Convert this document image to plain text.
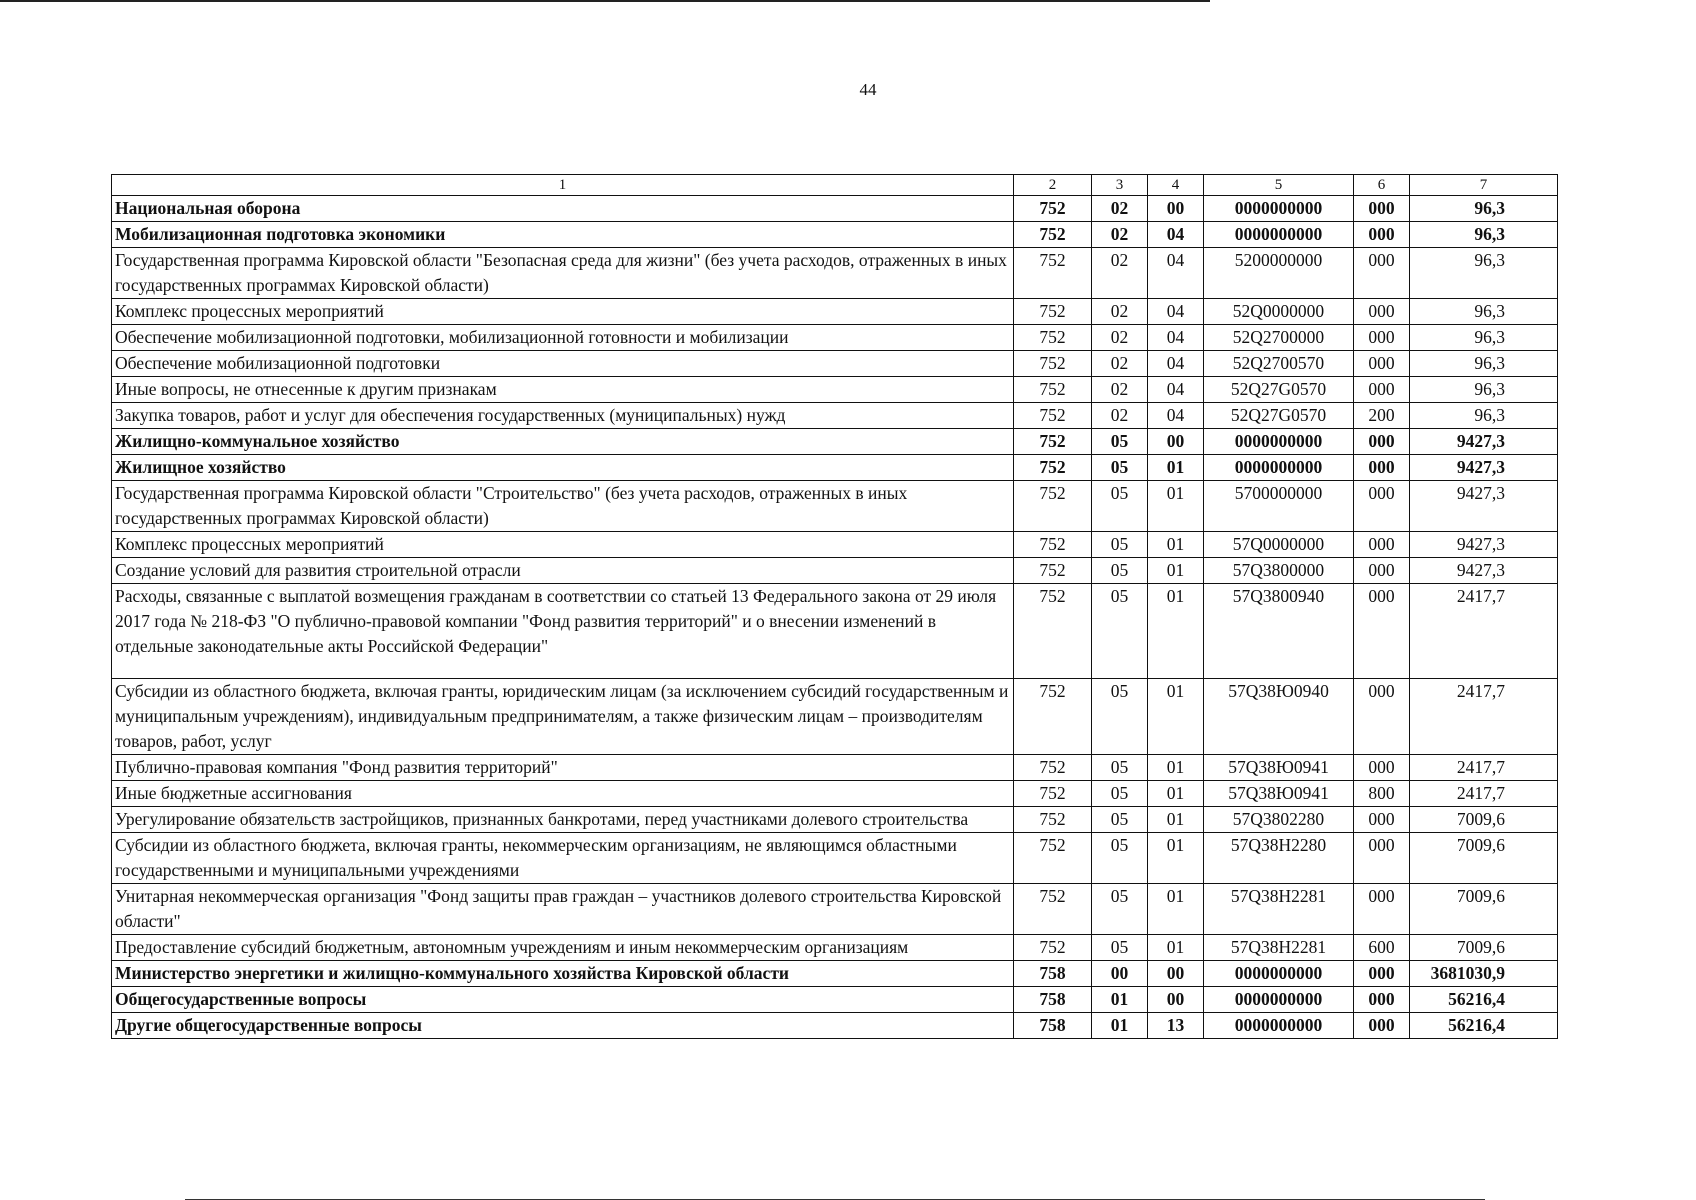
44
1	2	3	4	5	6	7
Национальная оборона	752	02	00	0000000000	000	96,3
Мобилизационная подготовка экономики	752	02	04	0000000000	000	96,3
Государственная программа Кировской области "Безопасная среда для жизни" (без учета расходов, отраженных в иных государственных программах Кировской области)	752	02	04	5200000000	000	96,3
Комплекс процессных мероприятий	752	02	04	52Q0000000	000	96,3
Обеспечение мобилизационной подготовки, мобилизационной готовности и мобилизации	752	02	04	52Q2700000	000	96,3
Обеспечение мобилизационной подготовки	752	02	04	52Q2700570	000	96,3
Иные вопросы, не отнесенные к другим признакам	752	02	04	52Q27G0570	000	96,3
Закупка товаров, работ и услуг для обеспечения государственных (муниципальных) нужд	752	02	04	52Q27G0570	200	96,3
Жилищно-коммунальное хозяйство	752	05	00	0000000000	000	9427,3
Жилищное хозяйство	752	05	01	0000000000	000	9427,3
Государственная программа Кировской области "Строительство" (без учета расходов, отраженных в иных государственных программах Кировской области)	752	05	01	5700000000	000	9427,3
Комплекс процессных мероприятий	752	05	01	57Q0000000	000	9427,3
Создание условий для развития строительной отрасли	752	05	01	57Q3800000	000	9427,3
Расходы, связанные с выплатой возмещения гражданам в соответствии со статьей 13 Федерального закона от 29 июля 2017 года № 218-ФЗ "О публично-правовой компании "Фонд развития территорий" и о внесении изменений в отдельные законодательные акты Российской Федерации"	752	05	01	57Q3800940	000	2417,7
Субсидии из областного бюджета, включая гранты, юридическим лицам (за исключением субсидий государственным и муниципальным учреждениям), индивидуальным предпринимателям, а также физическим лицам – производителям товаров, работ, услуг	752	05	01	57Q38Ю0940	000	2417,7
Публично-правовая компания "Фонд развития территорий"	752	05	01	57Q38Ю0941	000	2417,7
Иные бюджетные ассигнования	752	05	01	57Q38Ю0941	800	2417,7
Урегулирование обязательств застройщиков, признанных банкротами, перед участниками долевого строительства	752	05	01	57Q3802280	000	7009,6
Субсидии из областного бюджета, включая гранты, некоммерческим организациям, не являющимся областными государственными и муниципальными учреждениями	752	05	01	57Q38H2280	000	7009,6
Унитарная некоммерческая организация "Фонд защиты прав граждан – участников долевого строительства Кировской области"	752	05	01	57Q38H2281	000	7009,6
Предоставление субсидий бюджетным, автономным учреждениям и иным некоммерческим организациям	752	05	01	57Q38H2281	600	7009,6
Министерство энергетики и жилищно-коммунального хозяйства Кировской области	758	00	00	0000000000	000	3681030,9
Общегосударственные вопросы	758	01	00	0000000000	000	56216,4
Другие общегосударственные вопросы	758	01	13	0000000000	000	56216,4
